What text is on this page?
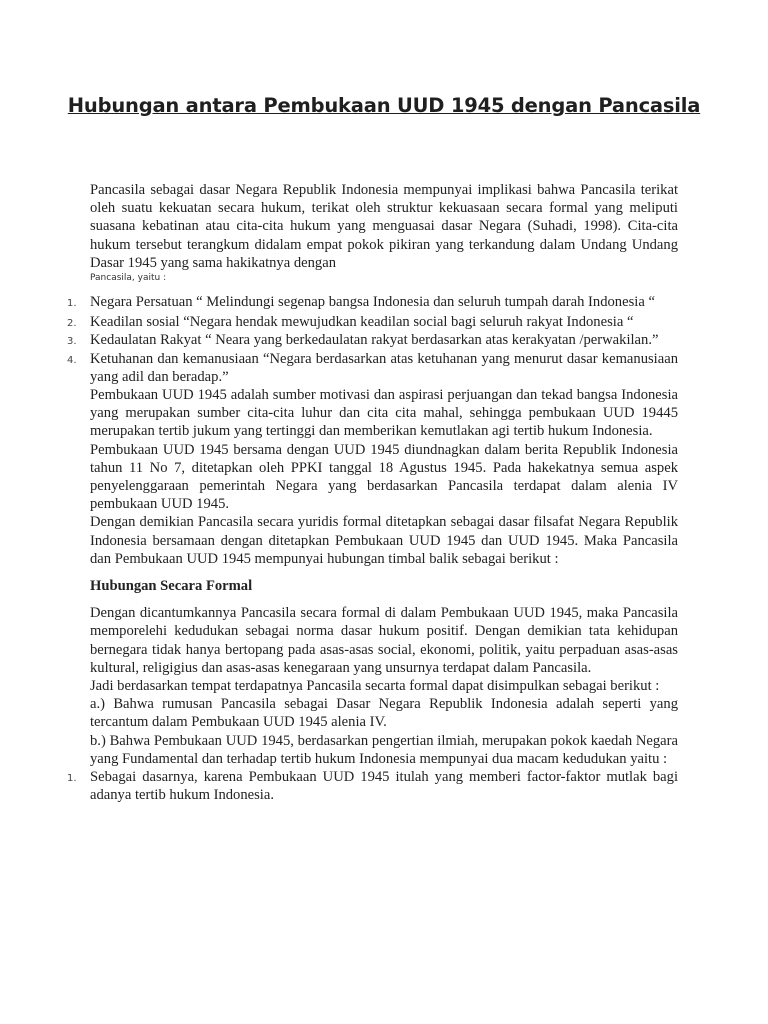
Hubungan antara Pembukaan UUD 1945 dengan Pancasila

Pancasila sebagai dasar Negara Republik Indonesia mempunyai implikasi bahwa Pancasila terikat oleh suatu kekuatan secara hukum, terikat oleh struktur kekuasaan secara formal yang meliputi suasana kebatinan atau cita-cita hukum yang menguasai dasar Negara (Suhadi, 1998). Cita-cita hukum tersebut terangkum didalam empat pokok pikiran yang terkandung dalam Undang Undang Dasar 1945 yang sama hakikatnya dengan

Pancasila, yaitu :

1. Negara Persatuan “ Melindungi segenap bangsa Indonesia dan seluruh tumpah darah Indonesia “
2. Keadilan sosial “Negara hendak mewujudkan keadilan social bagi seluruh rakyat Indonesia “
3. Kedaulatan Rakyat “ Neara yang berkedaulatan rakyat berdasarkan atas kerakyatan /perwakilan.”
4. Ketuhanan dan kemanusiaan “Negara berdasarkan atas ketuhanan yang menurut dasar kemanusiaan yang adil dan beradap.”

Pembukaan UUD 1945 adalah sumber motivasi dan aspirasi perjuangan dan tekad bangsa Indonesia yang merupakan sumber cita-cita luhur dan cita cita mahal, sehingga pembukaan UUD 19445 merupakan tertib jukum yang tertinggi dan memberikan kemutlakan agi tertib hukum Indonesia.

Pembukaan UUD 1945 bersama dengan UUD 1945 diundnagkan dalam berita Republik Indonesia tahun 11 No 7, ditetapkan oleh PPKI tanggal 18 Agustus 1945. Pada hakekatnya semua aspek penyelenggaraan pemerintah Negara yang berdasarkan Pancasila terdapat dalam alenia IV pembukaan UUD 1945.

Dengan demikian Pancasila secara yuridis formal ditetapkan sebagai dasar filsafat Negara Republik Indonesia bersamaan dengan ditetapkan Pembukaan UUD 1945 dan UUD 1945. Maka Pancasila dan Pembukaan UUD 1945 mempunyai hubungan timbal balik sebagai berikut :

Hubungan Secara Formal

Dengan dicantumkannya Pancasila secara formal di dalam Pembukaan UUD 1945, maka Pancasila memporelehi kedudukan sebagai norma dasar hukum positif. Dengan demikian tata kehidupan bernegara tidak hanya bertopang pada asas-asas social, ekonomi, politik, yaitu perpaduan asas-asas kultural, religigius dan asas-asas kenegaraan yang unsurnya terdapat dalam Pancasila.

Jadi berdasarkan tempat terdapatnya Pancasila secarta formal dapat disimpulkan sebagai berikut :

a.) Bahwa rumusan Pancasila sebagai Dasar Negara Republik Indonesia adalah seperti yang tercantum dalam Pembukaan UUD 1945 alenia IV.

b.) Bahwa Pembukaan UUD 1945, berdasarkan pengertian ilmiah, merupakan pokok kaedah Negara yang Fundamental dan terhadap tertib hukum Indonesia mempunyai dua macam kedudukan yaitu :

1. Sebagai dasarnya, karena Pembukaan UUD 1945 itulah yang memberi factor-faktor mutlak bagi adanya tertib hukum Indonesia.
